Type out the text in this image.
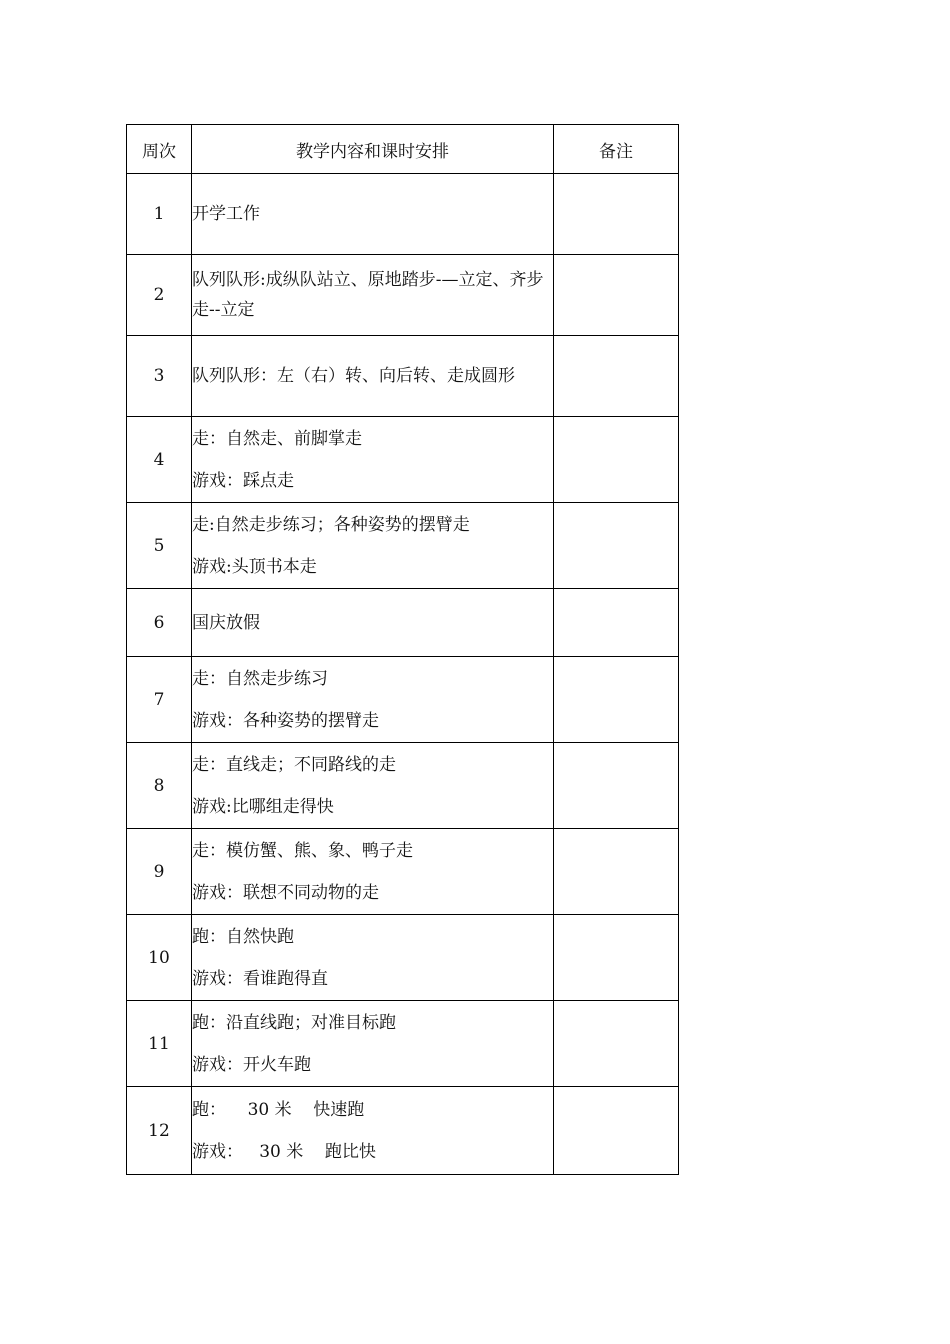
周次	教学内容和课时安排	备注
1	开学工作	

2	队列队形:成纵队站立、原地踏步-—立定、齐步走--立定	

3	队列队形：左（右）转、向后转、走成圆形	

4	走：自然走、前脚掌走
游戏：踩点走	

5	走:自然走步练习；各种姿势的摆臂走
游戏:头顶书本走	

6	国庆放假	

7	走：自然走步练习
游戏：各种姿势的摆臂走	

8	走：直线走；不同路线的走
游戏:比哪组走得快	

9	走：模仿蟹、熊、象、鸭子走
游戏：联想不同动物的走	

10	跑：自然快跑
游戏：看谁跑得直	

11	跑：沿直线跑；对准目标跑
游戏：开火车跑	

12	跑：    30 米    快速跑
游戏：   30 米    跑比快	
